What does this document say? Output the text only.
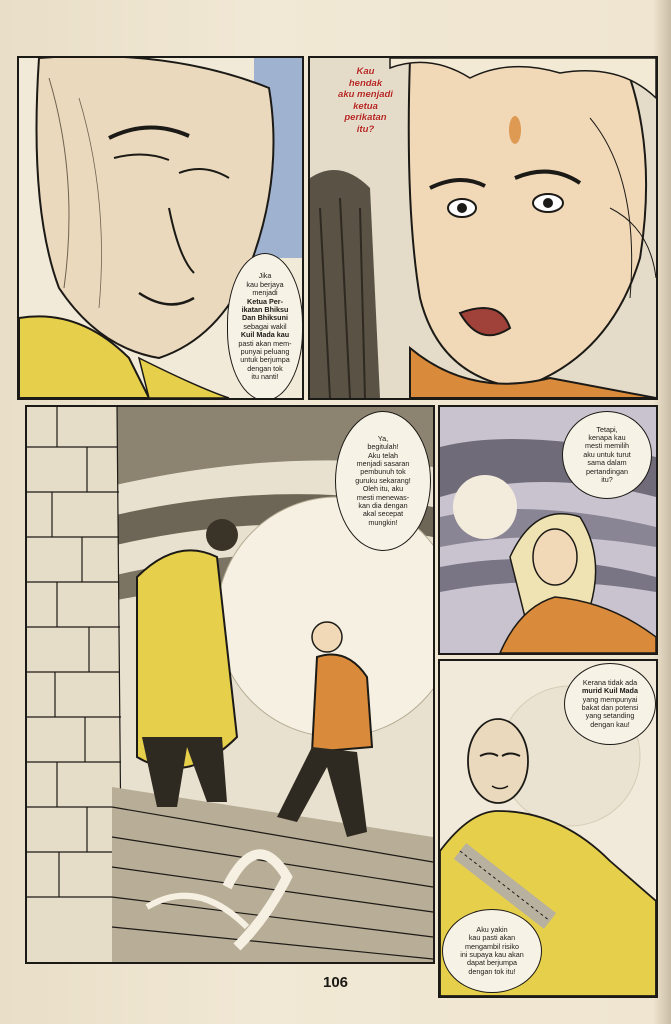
Jika
kau berjaya
menjadi
Ketua Per-
ikatan Bhiksu
Dan Bhiksuni
sebagai wakil
Kuil Mada kau
pasti akan mem-
punyai peluang
untuk berjumpa
dengan tok
itu nanti!
Kau
hendak
aku menjadi
ketua
perikatan
itu?
Ya,
begitulah!
Aku telah
menjadi sasaran
pembunuh tok
guruku sekarang!
Oleh itu, aku
mesti menewas-
kan dia dengan
akal secepat
mungkin!
Tetapi,
kenapa kau
mesti memilih
aku untuk turut
sama dalam
pertandingan
itu?
Kerana tidak ada
murid Kuil Mada
yang mempunyai
bakat dan potensi
yang setanding
dengan kau!
Aku yakin
kau pasti akan
mengambil risiko
ini supaya kau akan
dapat berjumpa
dengan tok itu!
106
